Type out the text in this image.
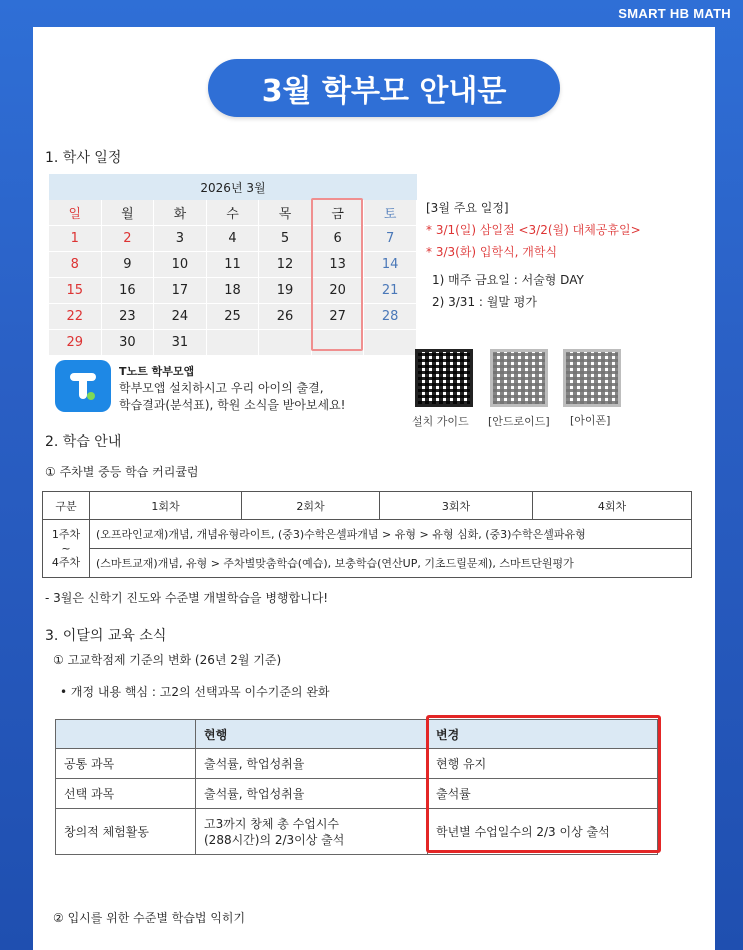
SMART HB MATH
3월 학부모 안내문
1. 학사 일정
2026년 3월
일	월	화	수	목	금	토
1	2	3	4	5	6	7
8	9	10	11	12	13	14
15	16	17	18	19	20	21
22	23	24	25	26	27	28
29	30	31
[3월 주요 일정]
* 3/1(일) 삼일절 <3/2(월) 대체공휴일>
* 3/3(화) 입학식, 개학식
1) 매주 금요일 : 서술형 DAY
2) 3/31 : 월말 평가
T노트 학부모앱
학부모앱 설치하시고 우리 아이의 출결,
학습결과(분석표), 학원 소식을 받아보세요!
설치 가이드 [안드로이드] [아이폰]
2. 학습 안내
① 주차별 중등 학습 커리큘럼
구분	1회차	2회차	3회차	4회차

1주차
~
4주차	(오프라인교재)개념, 개념유형라이트, (중3)수학은셀파개념 > 유형 > 유형 심화, (중3)수학은셀파유형			
	(스마트교재)개념, 유형 > 주차별맞춤학습(예습), 보충학습(연산UP, 기초드릴문제), 스마트단원평가			
- 3월은 신학기 진도와 수준별 개별학습을 병행합니다!
3. 이달의 교육 소식
① 고교학점제 기준의 변화 (26년 2월 기준)
• 개정 내용 핵심 : 고2의 선택과목 이수기준의 완화
	현행	변경
공통 과목	출석률, 학업성취율	현행 유지
선택 과목	출석률, 학업성취율	출석률
창의적 체험활동	고3까지 창체 총 수업시수
(288시간)의 2/3이상 출석	학년별 수업일수의 2/3 이상 출석
② 입시를 위한 수준별 학습법 익히기
